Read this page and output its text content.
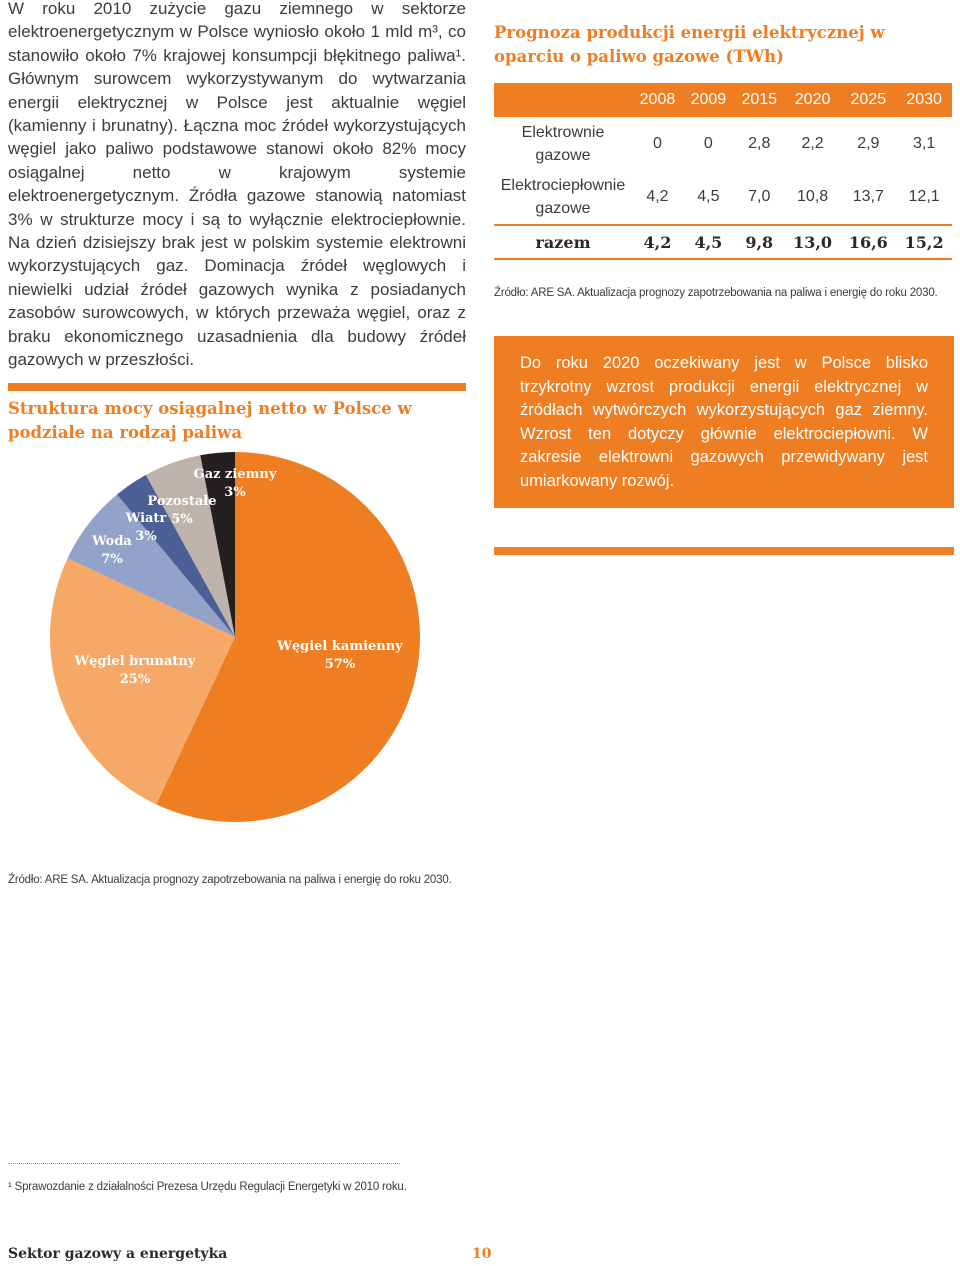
W roku 2010 zużycie gazu ziemnego w sektorze elektroenergetycznym w Polsce wyniosło około 1 mld m³, co stanowiło około 7% krajowej konsumpcji błękitnego paliwa¹. Głównym surowcem wykorzystywanym do wytwarzania energii elektrycznej w Polsce jest aktualnie węgiel (kamienny i brunatny). Łączna moc źródeł wykorzystujących węgiel jako paliwo podstawowe stanowi około 82% mocy osiągalnej netto w krajowym systemie elektroenergetycznym. Źródła gazowe stanowią natomiast 3% w strukturze mocy i są to wyłącznie elektrociepłownie. Na dzień dzisiejszy brak jest w polskim systemie elektrowni wykorzystujących gaz. Dominacja źródeł węglowych i niewielki udział źródeł gazowych wynika z posiadanych zasobów surowcowych, w których przeważa węgiel, oraz z braku ekonomicznego uzasadnienia dla budowy źródeł gazowych w przeszłości.

Struktura mocy osiągalnej netto w Polsce w podziale na rodzaj paliwa
Węgiel kamienny
57%
Węgiel brunatny
25%
Woda
7%
Wiatr
3%
Pozostałe
5%
Gaz ziemny
3%
Źródło: ARE SA. Aktualizacja prognozy zapotrzebowania na paliwa i energię do roku 2030.
Prognoza produkcji energii elektrycznej w oparciu o paliwo gazowe (TWh)
	2008	2009	2015	2020	2025	2030
Elektrownie gazowe	0	0	2,8	2,2	2,9	3,1
Elektrociepłownie gazowe	4,2	4,5	7,0	10,8	13,7	12,1
razem	4,2	4,5	9,8	13,0	16,6	15,2
Źródło: ARE SA. Aktualizacja prognozy zapotrzebowania na paliwa i energię do roku 2030.

Do roku 2020 oczekiwany jest w Polsce blisko trzykrotny wzrost produkcji energii elektrycznej w źródłach wytwórczych wykorzystujących gaz ziemny. Wzrost ten dotyczy głównie elektrociepłowni. W zakresie elektrowni gazowych przewidywany jest umiarkowany rozwój.

¹ Sprawozdanie z działalności Prezesa Urzędu Regulacji Energetyki w 2010 roku.
Sektor gazowy a energetyka	10
